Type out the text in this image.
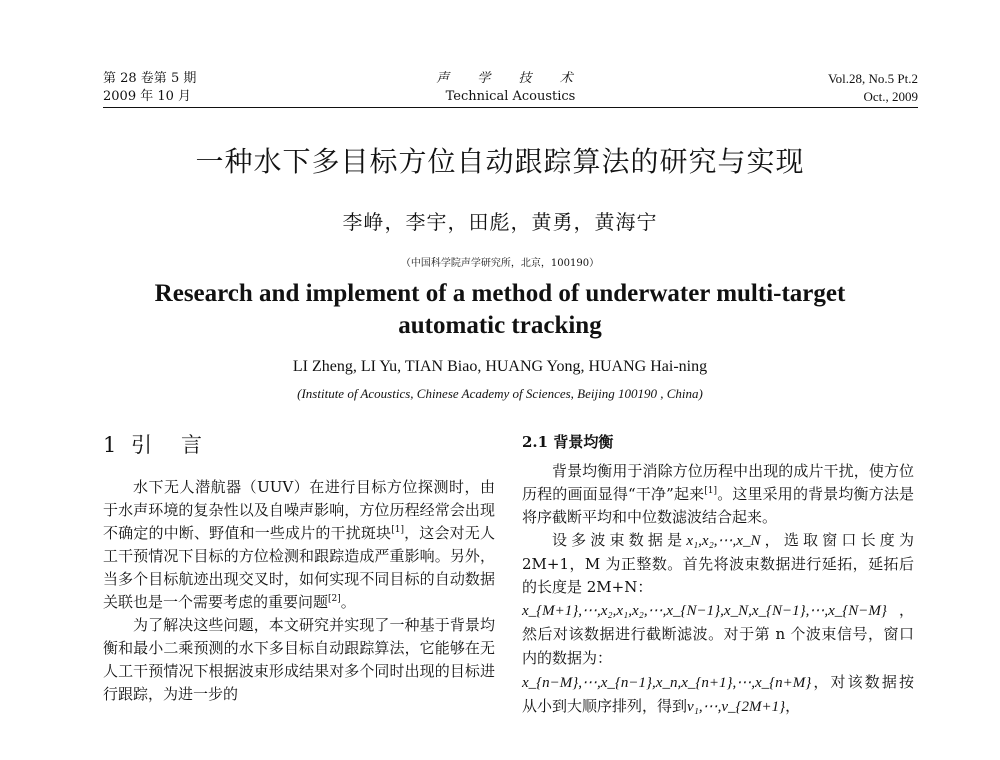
第 28 卷第 5 期
2009 年 10 月
声 学 技 术
Technical Acoustics
Vol.28, No.5 Pt.2
Oct., 2009
一种水下多目标方位自动跟踪算法的研究与实现
李峥，李宇，田彪，黄勇，黄海宁
（中国科学院声学研究所，北京，100190）
Research and implement of a method of underwater multi-target automatic tracking
LI Zheng, LI Yu, TIAN Biao, HUANG Yong, HUANG Hai-ning
(Institute of Acoustics, Chinese Academy of Sciences, Beijing 100190 , China)
1 引　言

水下无人潜航器（UUV）在进行目标方位探测时，由于水声环境的复杂性以及自噪声影响，方位历程经常会出现不确定的中断、野值和一些成片的干扰斑块[1]，这会对无人工干预情况下目标的方位检测和跟踪造成严重影响。另外，当多个目标航迹出现交叉时，如何实现不同目标的自动数据关联也是一个需要考虑的重要问题[2]。

为了解决这些问题，本文研究并实现了一种基于背景均衡和最小二乘预测的水下多目标自动跟踪算法，它能够在无人工干预情况下根据波束形成结果对多个同时出现的目标进行跟踪，为进一步的

2.1 背景均衡

背景均衡用于消除方位历程中出现的成片干扰，使方位历程的画面显得“干净”起来[1]。这里采用的背景均衡方法是将序截断平均和中位数滤波结合起来。

设多波束数据是x₁,x₂,⋯,x_N，选取窗口长度为 2M+1，M 为正整数。首先将波束数据进行延拓，延拓后的长度是 2M+N：

x_{M+1},⋯,x₂,x₁,x₂,⋯,x_{N−1},x_N,x_{N−1},⋯,x_{N−M}，然后对该数据进行截断滤波。对于第 n 个波束信号，窗口内的数据为：

x_{n−M},⋯,x_{n−1},x_n,x_{n+1},⋯,x_{n+M}，对该数据按从小到大顺序排列，得到v₁,⋯,v_{2M+1}，
